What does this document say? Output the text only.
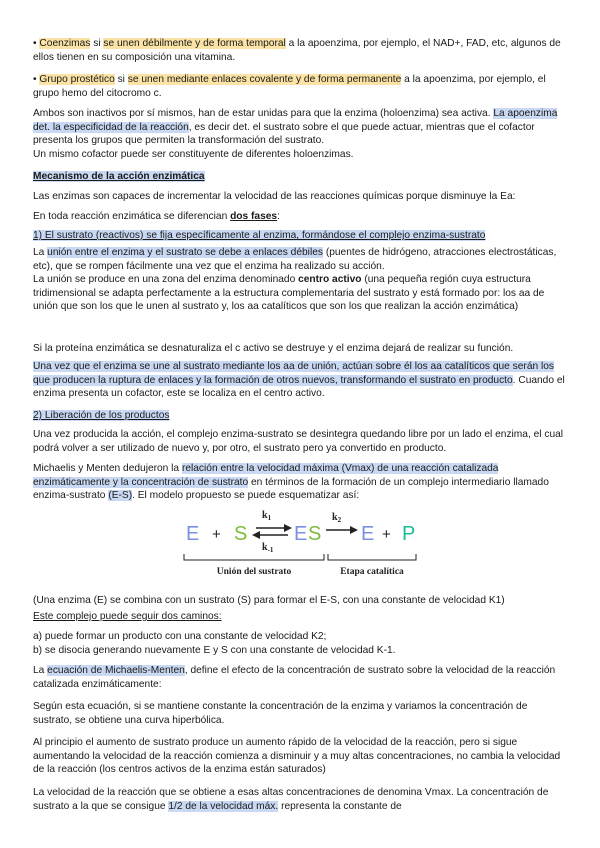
• Coenzimas si se unen débilmente y de forma temporal a la apoenzima, por ejemplo, el NAD+, FAD, etc, algunos de ellos tienen en su composición una vitamina.

• Grupo prostético si se unen mediante enlaces covalente y de forma permanente a la apoenzima, por ejemplo, el grupo hemo del citocromo c.

Ambos son inactivos por sí mismos, han de estar unidas para que la enzima (holoenzima) sea activa. La apoenzima det. la especificidad de la reacción, es decir det. el sustrato sobre el que puede actuar, mientras que el cofactor presenta los grupos que permiten la transformación del sustrato.
Un mismo cofactor puede ser constituyente de diferentes holoenzimas.

Mecanismo de la acción enzimática

Las enzimas son capaces de incrementar la velocidad de las reacciones químicas porque disminuye la Ea:

En toda reacción enzimática se diferencian dos fases:

1) El sustrato (reactivos) se fija específicamente al enzima, formándose el complejo enzima-sustrato

La unión entre el enzima y el sustrato se debe a enlaces débiles (puentes de hidrógeno, atracciones electrostáticas, etc), que se rompen fácilmente una vez que el enzima ha realizado su acción.
La unión se produce en una zona del enzima denominado centro activo (una pequeña región cuya estructura tridimensional se adapta perfectamente a la estructura complementaria del sustrato y está formado por: los aa de unión que son los que le unen al sustrato y, los aa catalíticos que son los que realizan la acción enzimática)

Si la proteína enzimática se desnaturaliza el c activo se destruye y el enzima dejará de realizar su función.

Una vez que el enzima se une al sustrato mediante los aa de unión, actúan sobre él los aa catalíticos que serán los que producen la ruptura de enlaces y la formación de otros nuevos, transformando el sustrato en producto. Cuando el enzima presenta un cofactor, este se localiza en el centro activo.

2) Liberación de los productos

Una vez producida la acción, el complejo enzima-sustrato se desintegra quedando libre por un lado el enzima, el cual podrá volver a ser utilizado de nuevo y, por otro, el sustrato pero ya convertido en producto.

Michaelis y Menten dedujeron la relación entre la velocidad máxima (Vmax) de una reacción catalizada enzimáticamente y la concentración de sustrato en términos de la formación de un complejo intermediario llamado enzima-sustrato (E-S). El modelo propuesto se puede esquematizar así:

E + S
$k_1$
$k_{-1}$
E S
$k_2$
E + P
Unión del sustrato	Etapa catalítica

(Una enzima (E) se combina con un sustrato (S) para formar el E-S, con una constante de velocidad K1)

Este complejo puede seguir dos caminos:

a) puede formar un producto con una constante de velocidad K2;
b) se disocia generando nuevamente E y S con una constante de velocidad K-1.

La ecuación de Michaelis-Menten, define el efecto de la concentración de sustrato sobre la velocidad de la reacción catalizada enzimáticamente:

Según esta ecuación, si se mantiene constante la concentración de la enzima y variamos la concentración de sustrato, se obtiene una curva hiperbólica.

Al principio el aumento de sustrato produce un aumento rápido de la velocidad de la reacción, pero si sigue aumentando la velocidad de la reacción comienza a disminuir y a muy altas concentraciones, no cambia la velocidad de la reacción (los centros activos de la enzima están saturados)

La velocidad de la reacción que se obtiene a esas altas concentraciones de denomina Vmax. La concentración de sustrato a la que se consigue 1/2 de la velocidad máx. representa la constante de
